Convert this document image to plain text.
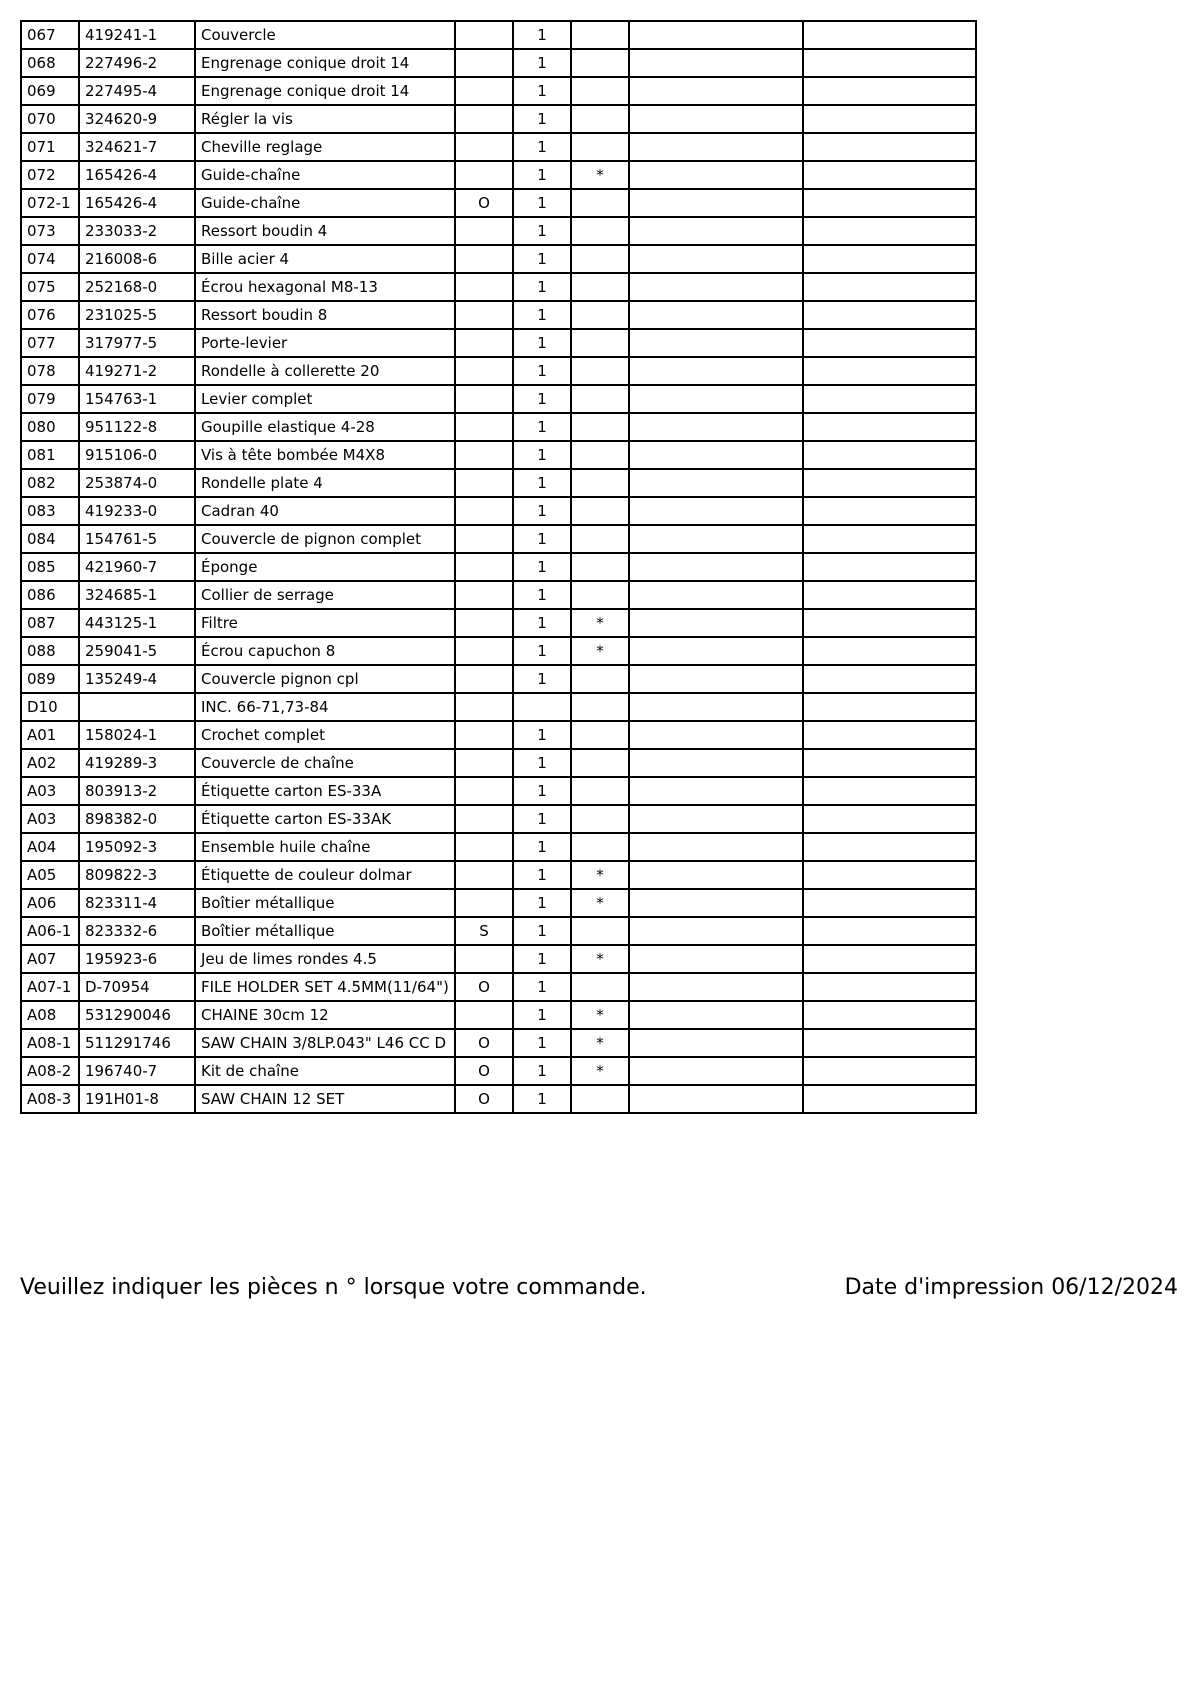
067	419241-1	Couvercle		1			
068	227496-2	Engrenage conique droit 14		1			
069	227495-4	Engrenage conique droit 14		1			
070	324620-9	Régler la vis		1			
071	324621-7	Cheville reglage		1			
072	165426-4	Guide-chaîne		1	*		
072-1	165426-4	Guide-chaîne	O	1			
073	233033-2	Ressort boudin 4		1			
074	216008-6	Bille acier 4		1			
075	252168-0	Écrou hexagonal M8-13		1			
076	231025-5	Ressort boudin 8		1			
077	317977-5	Porte-levier		1			
078	419271-2	Rondelle à collerette 20		1			
079	154763-1	Levier complet		1			
080	951122-8	Goupille elastique 4-28		1			
081	915106-0	Vis à tête bombée M4X8		1			
082	253874-0	Rondelle plate 4		1			
083	419233-0	Cadran 40		1			
084	154761-5	Couvercle de pignon complet		1			
085	421960-7	Éponge		1			
086	324685-1	Collier de serrage		1			
087	443125-1	Filtre		1	*		
088	259041-5	Écrou capuchon 8		1	*		
089	135249-4	Couvercle pignon cpl		1			
D10		INC. 66-71,73-84					
A01	158024-1	Crochet complet		1			
A02	419289-3	Couvercle de chaîne		1			
A03	803913-2	Étiquette carton ES-33A		1			
A03	898382-0	Étiquette carton ES-33AK		1			
A04	195092-3	Ensemble huile chaîne		1			
A05	809822-3	Étiquette de couleur dolmar		1	*		
A06	823311-4	Boîtier métallique		1	*		
A06-1	823332-6	Boîtier métallique	S	1			
A07	195923-6	Jeu de limes rondes 4.5		1	*		
A07-1	D-70954	FILE HOLDER SET 4.5MM(11/64")	O	1			
A08	531290046	CHAINE 30cm 12		1	*		
A08-1	511291746	SAW CHAIN 3/8LP.043" L46 CC D	O	1	*		
A08-2	196740-7	Kit de chaîne	O	1	*		
A08-3	191H01-8	SAW CHAIN 12 SET	O	1			
Veuillez indiquer les pièces n ° lorsque votre commande.	Date d'impression 06/12/2024
